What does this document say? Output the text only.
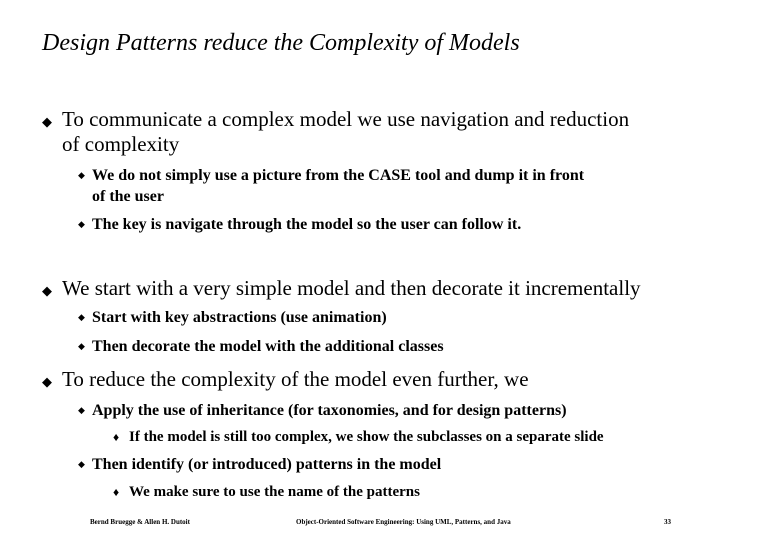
Design Patterns reduce the Complexity of Models
◆ To communicate a complex model we use navigation and reduction
of complexity
◆ We do not simply use a picture from the CASE tool and dump it in front
of the user
◆ The key is navigate through the model so the user can follow it.
◆ We start with a very simple model and then decorate it incrementally
◆ Start with key abstractions (use animation)
◆ Then decorate the model with the additional classes
◆ To reduce the complexity of the model even further, we
◆ Apply the use of inheritance (for taxonomies, and for design patterns)
♦ If the model is still too complex, we show the subclasses on a separate slide
◆ Then identify (or introduced) patterns in the model
♦ We make sure to use the name of the patterns
Bernd Bruegge & Allen H. Dutoit	Object-Oriented Software Engineering: Using UML, Patterns, and Java	33
